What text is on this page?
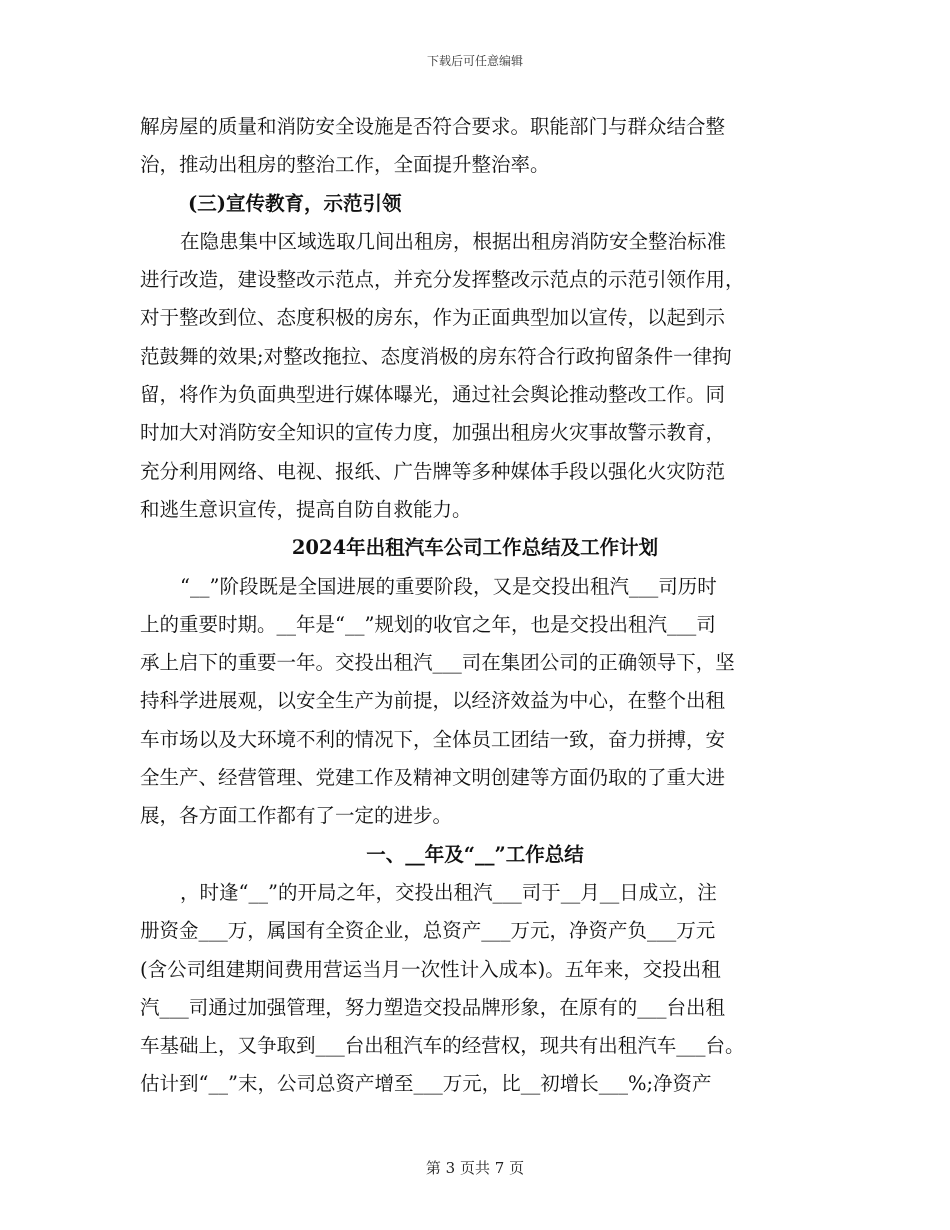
下载后可任意编辑
解房屋的质量和消防安全设施是否符合要求。职能部门与群众结合整
治，推动出租房的整治工作，全面提升整治率。
(三)宣传教育，示范引领
在隐患集中区域选取几间出租房，根据出租房消防安全整治标准
进行改造，建设整改示范点，并充分发挥整改示范点的示范引领作用，
对于整改到位、态度积极的房东，作为正面典型加以宣传，以起到示
范鼓舞的效果;对整改拖拉、态度消极的房东符合行政拘留条件一律拘
留，将作为负面典型进行媒体曝光，通过社会舆论推动整改工作。同
时加大对消防安全知识的宣传力度，加强出租房火灾事故警示教育，
充分利用网络、电视、报纸、广告牌等多种媒体手段以强化火灾防范
和逃生意识宣传，提高自防自救能力。
2024年出租汽车公司工作总结及工作计划
“__”阶段既是全国进展的重要阶段，又是交投出租汽___司历时
上的重要时期。__年是“__”规划的收官之年，也是交投出租汽___司
承上启下的重要一年。交投出租汽___司在集团公司的正确领导下，坚
持科学进展观，以安全生产为前提，以经济效益为中心，在整个出租
车市场以及大环境不利的情况下，全体员工团结一致，奋力拼搏，安
全生产、经营管理、党建工作及精神文明创建等方面仍取的了重大进
展，各方面工作都有了一定的进步。
一、__年及“__”工作总结
，时逢“__”的开局之年，交投出租汽___司于__月__日成立，注
册资金___万，属国有全资企业，总资产___万元，净资产负___万元
(含公司组建期间费用营运当月一次性计入成本)。五年来，交投出租
汽___司通过加强管理，努力塑造交投品牌形象，在原有的___台出租
车基础上，又争取到___台出租汽车的经营权，现共有出租汽车___台。
估计到“__”末，公司总资产增至___万元，比__初增长___%;净资产
第 3 页共 7 页
